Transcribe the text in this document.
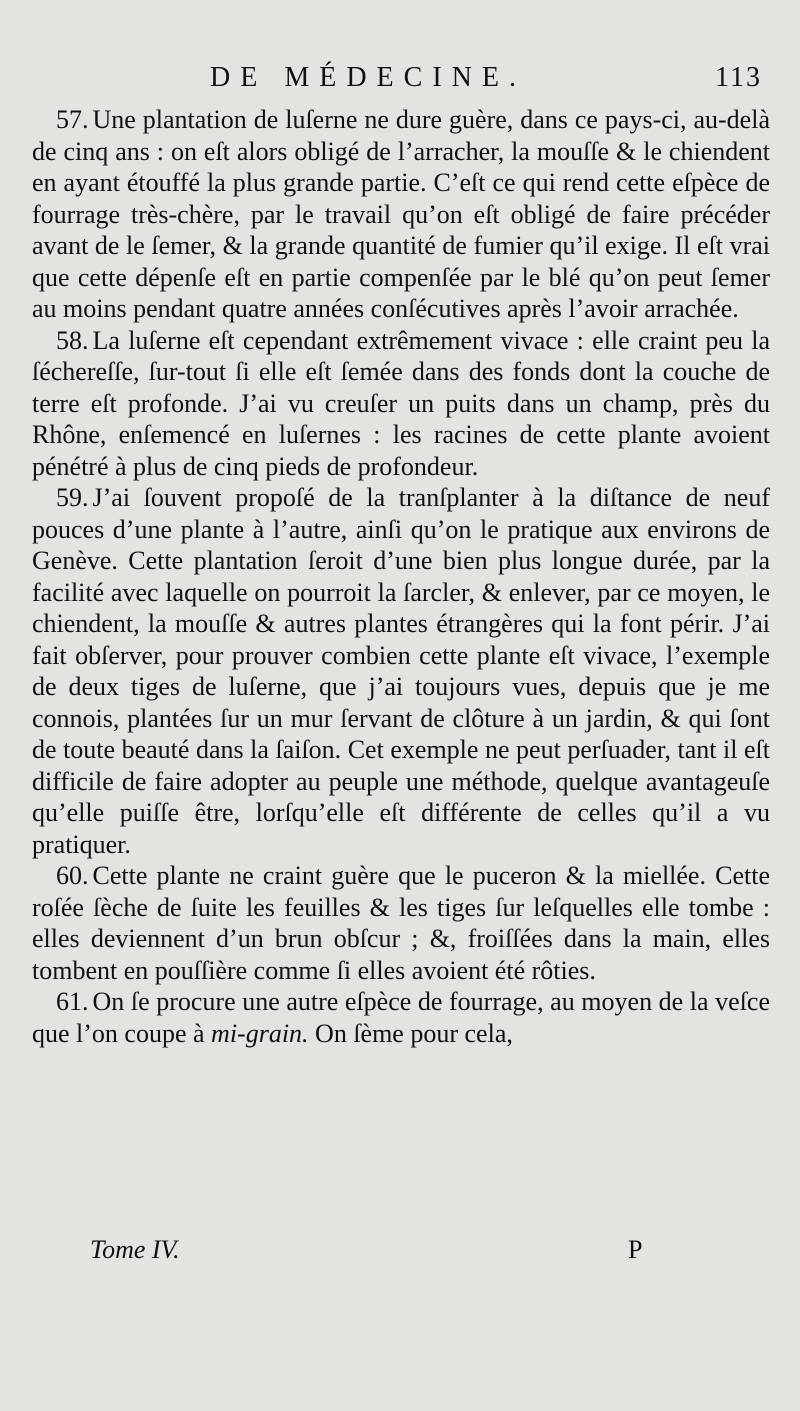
DE MÉDECINE.	113

57. Une plantation de luſerne ne dure guère, dans ce pays-ci, au-delà de cinq ans : on eſt alors obligé de l’arracher, la mouſſe & le chiendent en ayant étouffé la plus grande partie. C’eſt ce qui rend cette eſpèce de fourrage très-chère, par le travail qu’on eſt obligé de faire précéder avant de le ſemer, & la grande quantité de fumier qu’il exige. Il eſt vrai que cette dépenſe eſt en partie compenſée par le blé qu’on peut ſemer au moins pendant quatre années conſécutives après l’avoir arrachée.

58. La luſerne eſt cependant extrêmement vivace : elle craint peu la ſéchereſſe, ſur-tout ſi elle eſt ſemée dans des fonds dont la couche de terre eſt profonde. J’ai vu creuſer un puits dans un champ, près du Rhône, enſemencé en luſernes : les racines de cette plante avoient pénétré à plus de cinq pieds de profondeur.

59. J’ai ſouvent propoſé de la tranſplanter à la diſtance de neuf pouces d’une plante à l’autre, ainſi qu’on le pratique aux environs de Genève. Cette plantation ſeroit d’une bien plus longue durée, par la facilité avec laquelle on pourroit la ſarcler, & enlever, par ce moyen, le chiendent, la mouſſe & autres plantes étrangères qui la font périr. J’ai fait obſerver, pour prouver combien cette plante eſt vivace, l’exemple de deux tiges de luſerne, que j’ai toujours vues, depuis que je me connois, plantées ſur un mur ſervant de clôture à un jardin, & qui ſont de toute beauté dans la ſaiſon. Cet exemple ne peut perſuader, tant il eſt difficile de faire adopter au peuple une méthode, quelque avantageuſe qu’elle puiſſe être, lorſqu’elle eſt différente de celles qu’il a vu pratiquer.

60. Cette plante ne craint guère que le puceron & la miellée. Cette roſée ſèche de ſuite les feuilles & les tiges ſur leſquelles elle tombe : elles deviennent d’un brun obſcur ; &, froiſſées dans la main, elles tombent en pouſſière comme ſi elles avoient été rôties.

61. On ſe procure une autre eſpèce de fourrage, au moyen de la veſce que l’on coupe à mi-grain. On ſème pour cela,

Tome IV.	P
